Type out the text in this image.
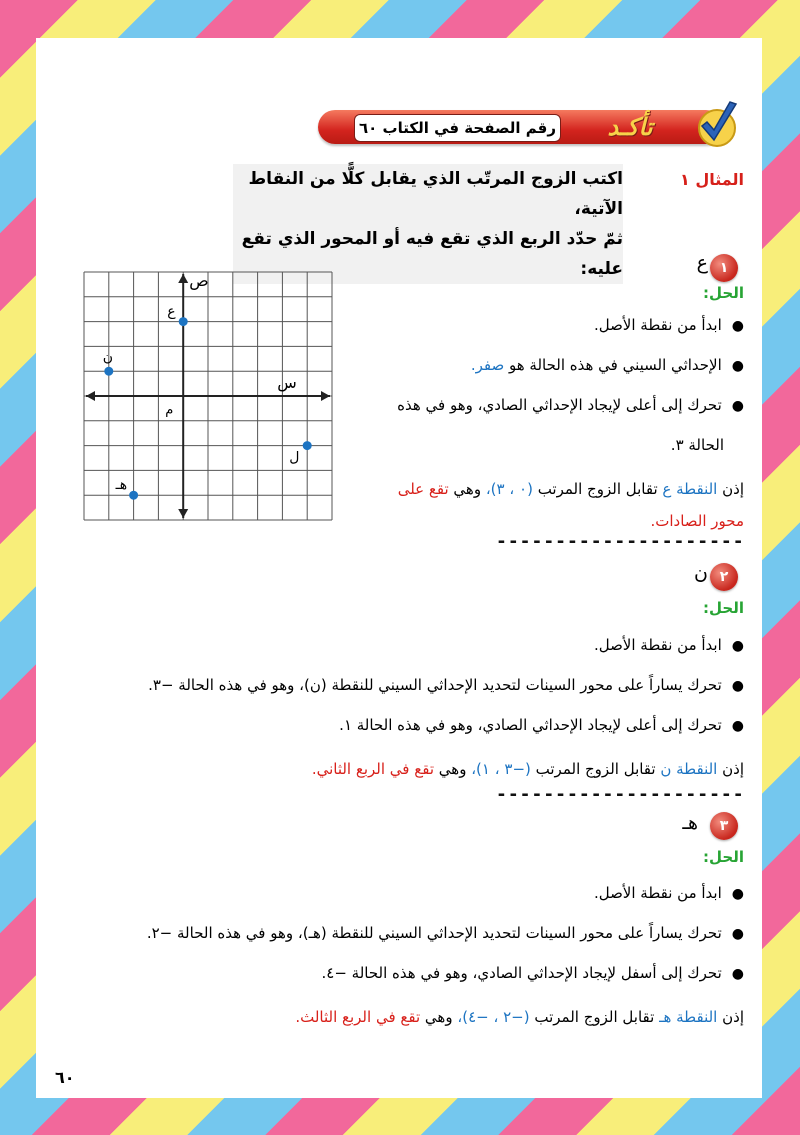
رقم الصفحة في الكتاب ٦٠	تأكـد
المثال ١
اكتب الزوج المرتّب الذي يقابل كلًّا من النقاط الآتية،
ثمّ حدّد الربع الذي تقع فيه أو المحور الذي تقع عليه:
ع
ن
هـ
ل
ص
س
م
١
ع
الحل:
●ابدأ من نقطة الأصل.
●الإحداثي السيني في هذه الحالة هو صفر.
●تحرك إلى أعلى لإيجاد الإحداثي الصادي، وهو في هذه
الحالة ٣.
إذن النقطة ع تقابل الزوج المرتب (٠ ، ٣)، وهي تقع على
محور الصادات.
---------------------
٢
ن
الحل:
●ابدأ من نقطة الأصل.
●تحرك يساراً على محور السينات لتحديد الإحداثي السيني للنقطة (ن)، وهو في هذه الحالة −٣.
●تحرك إلى أعلى لإيجاد الإحداثي الصادي، وهو في هذه الحالة ١.
إذن النقطة ن تقابل الزوج المرتب (−٣ ، ١)، وهي تقع في الربع الثاني.
---------------------
٣
هـ
الحل:
●ابدأ من نقطة الأصل.
●تحرك يساراً على محور السينات لتحديد الإحداثي السيني للنقطة (هـ)، وهو في هذه الحالة −٢.
●تحرك إلى أسفل لإيجاد الإحداثي الصادي، وهو في هذه الحالة −٤.
إذن النقطة هـ تقابل الزوج المرتب (−٢ ، −٤)، وهي تقع في الربع الثالث.
٦٠
